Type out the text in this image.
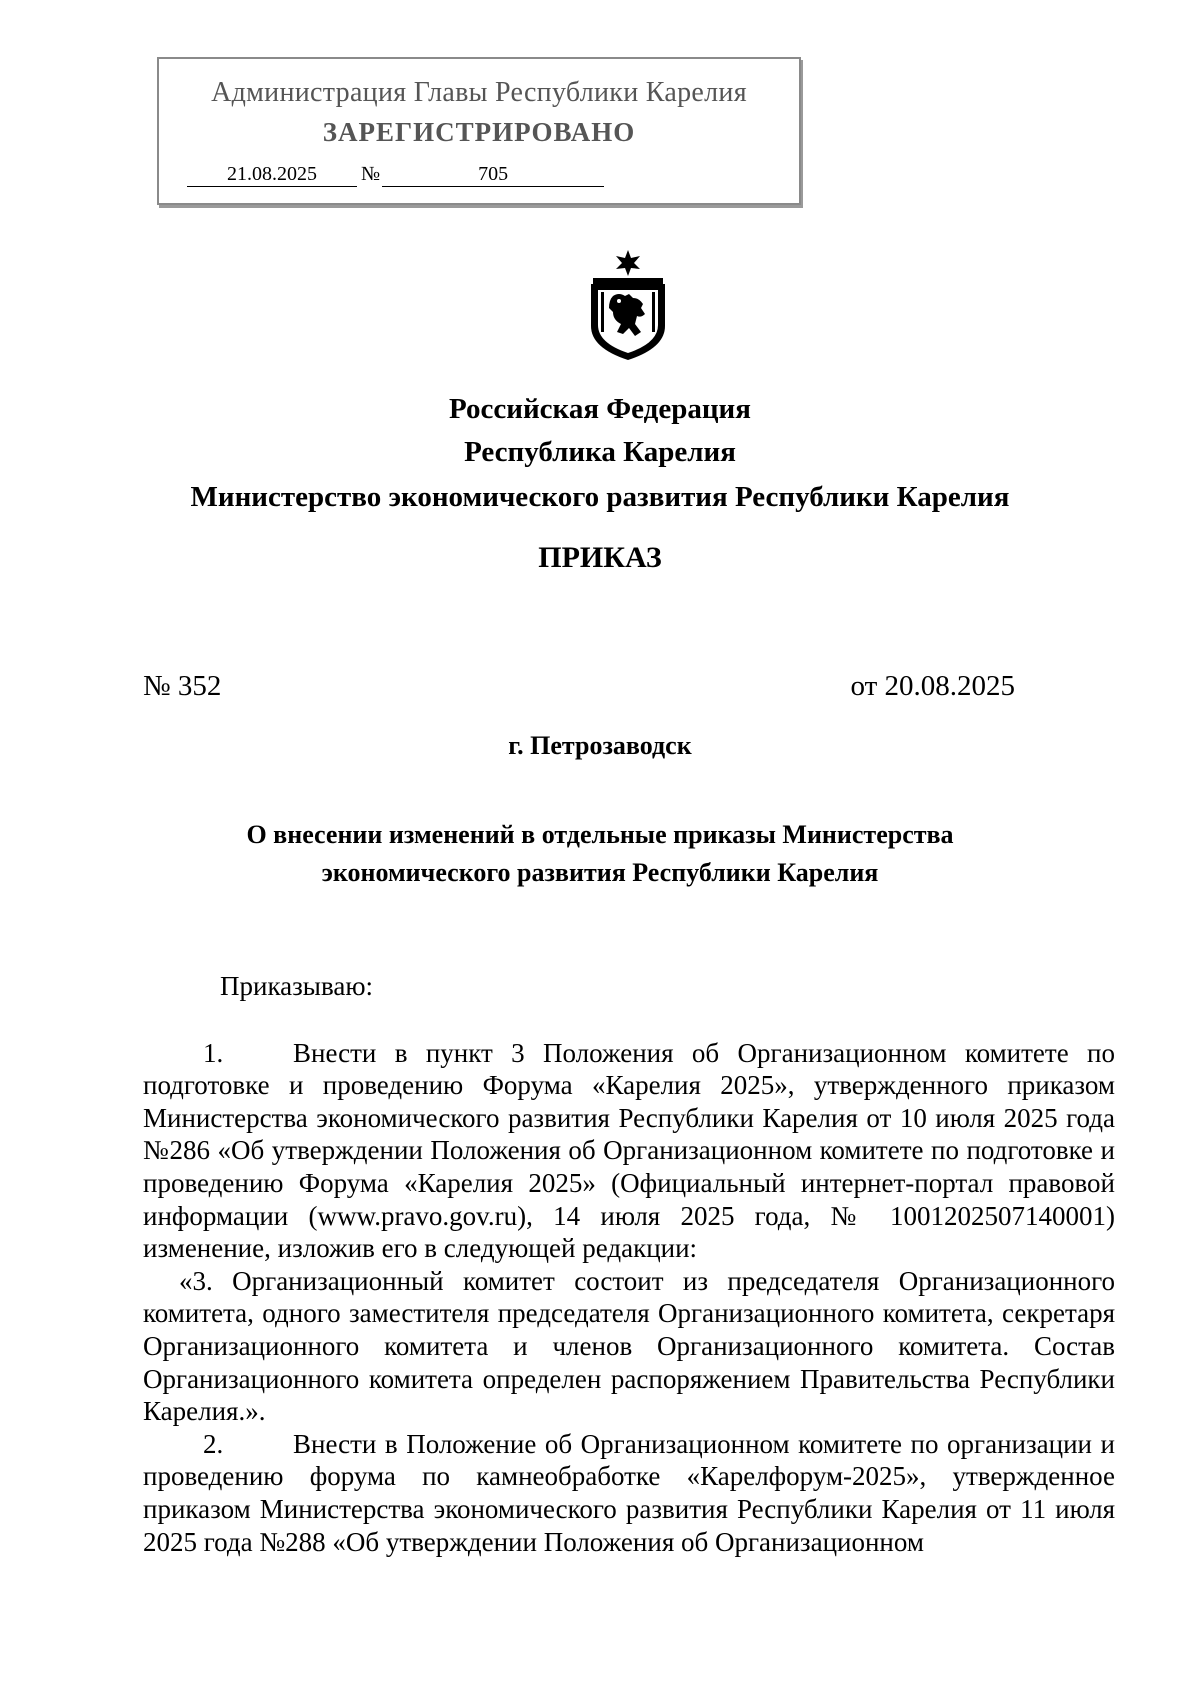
Администрация Главы Республики Карелия
ЗАРЕГИСТРИРОВАНО
21.08.2025 №	705
Российская Федерация
Республика Карелия
Министерство экономического развития Республики Карелия
ПРИКАЗ
№ 352	от 20.08.2025
г. Петрозаводск
О внесении изменений в отдельные приказы Министерства
экономического развития Республики Карелия

Приказываю:

1.	Внести в пункт 3 Положения об Организационном комитете по подготовке и проведению Форума «Карелия 2025», утвержденного приказом Министерства экономического развития Республики Карелия от 10 июля 2025 года №286 «Об утверждении Положения об Организационном комитете по подготовке и проведению Форума «Карелия 2025» (Официальный интернет-портал правовой информации (www.pravo.gov.ru), 14 июля 2025 года, № 1001202507140001) изменение, изложив его в следующей редакции:

«3. Организационный комитет состоит из председателя Организационного комитета, одного заместителя председателя Организационного комитета, секретаря Организационного комитета и членов Организационного комитета. Состав Организационного комитета определен распоряжением Правительства Республики Карелия.».

2.	Внести в Положение об Организационном комитете по организации и проведению форума по камнеобработке «Карелфорум-2025», утвержденное приказом Министерства экономического развития Республики Карелия от 11 июля 2025 года №288 «Об утверждении Положения об Организационном
